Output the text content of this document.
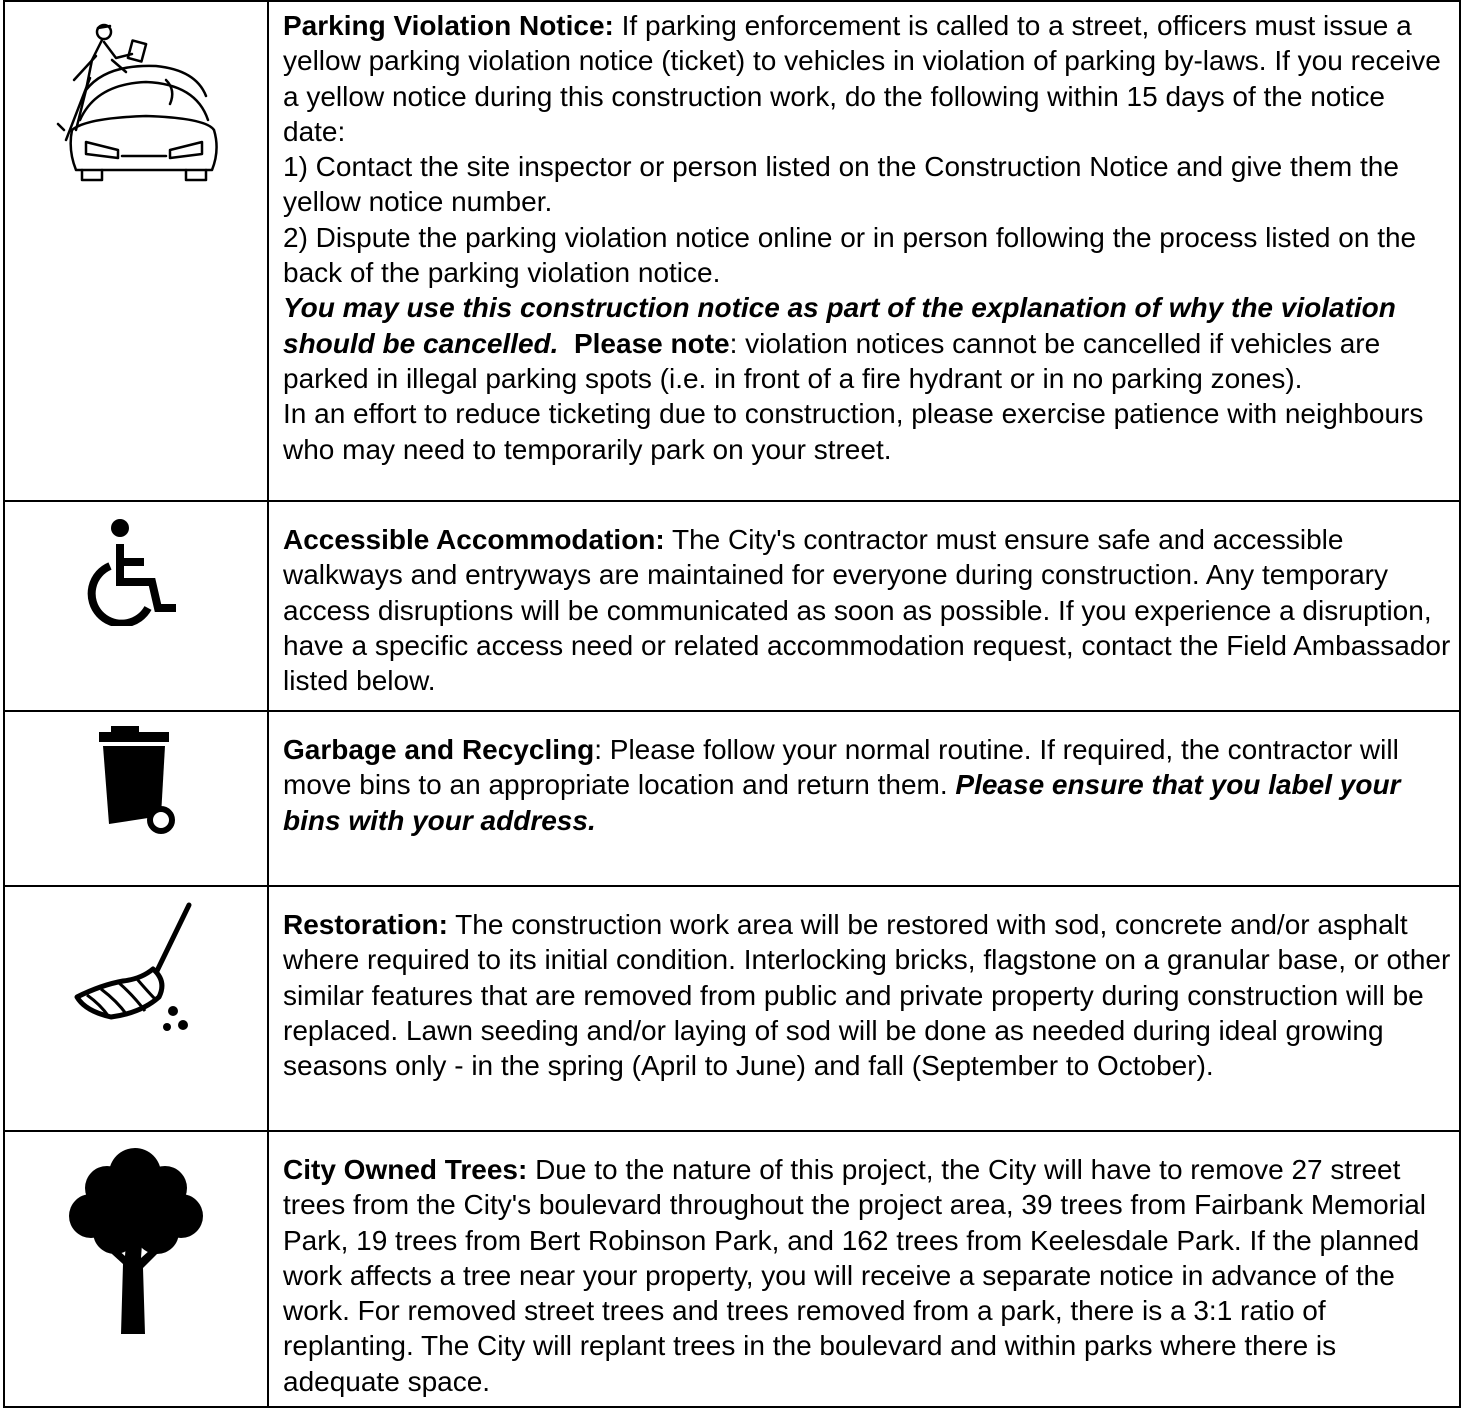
Parking Violation Notice: If parking enforcement is called to a street, officers must issue a yellow parking violation notice (ticket) to vehicles in violation of parking by-laws. If you receive a yellow notice during this construction work, do the following within 15 days of the notice date:

1) Contact the site inspector or person listed on the Construction Notice and give them the yellow notice number.

2) Dispute the parking violation notice online or in person following the process listed on the back of the parking violation notice.

You may use this construction notice as part of the explanation of why the violation should be cancelled.  Please note: violation notices cannot be cancelled if vehicles are parked in illegal parking spots (i.e. in front of a fire hydrant or in no parking zones).

In an effort to reduce ticketing due to construction, please exercise patience with neighbours who may need to temporarily park on your street.

Accessible Accommodation: The City's contractor must ensure safe and accessible walkways and entryways are maintained for everyone during construction. Any temporary access disruptions will be communicated as soon as possible. If you experience a disruption, have a specific access need or related accommodation request, contact the Field Ambassador listed below.

Garbage and Recycling: Please follow your normal routine. If required, the contractor will move bins to an appropriate location and return them. Please ensure that you label your bins with your address.

Restoration: The construction work area will be restored with sod, concrete and/or asphalt where required to its initial condition. Interlocking bricks, flagstone on a granular base, or other similar features that are removed from public and private property during construction will be replaced. Lawn seeding and/or laying of sod will be done as needed during ideal growing seasons only - in the spring (April to June) and fall (September to October).

City Owned Trees: Due to the nature of this project, the City will have to remove 27 street trees from the City's boulevard throughout the project area, 39 trees from Fairbank Memorial Park, 19 trees from Bert Robinson Park, and 162 trees from Keelesdale Park. If the planned work affects a tree near your property, you will receive a separate notice in advance of the work. For removed street trees and trees removed from a park, there is a 3:1 ratio of replanting. The City will replant trees in the boulevard and within parks where there is adequate space.
